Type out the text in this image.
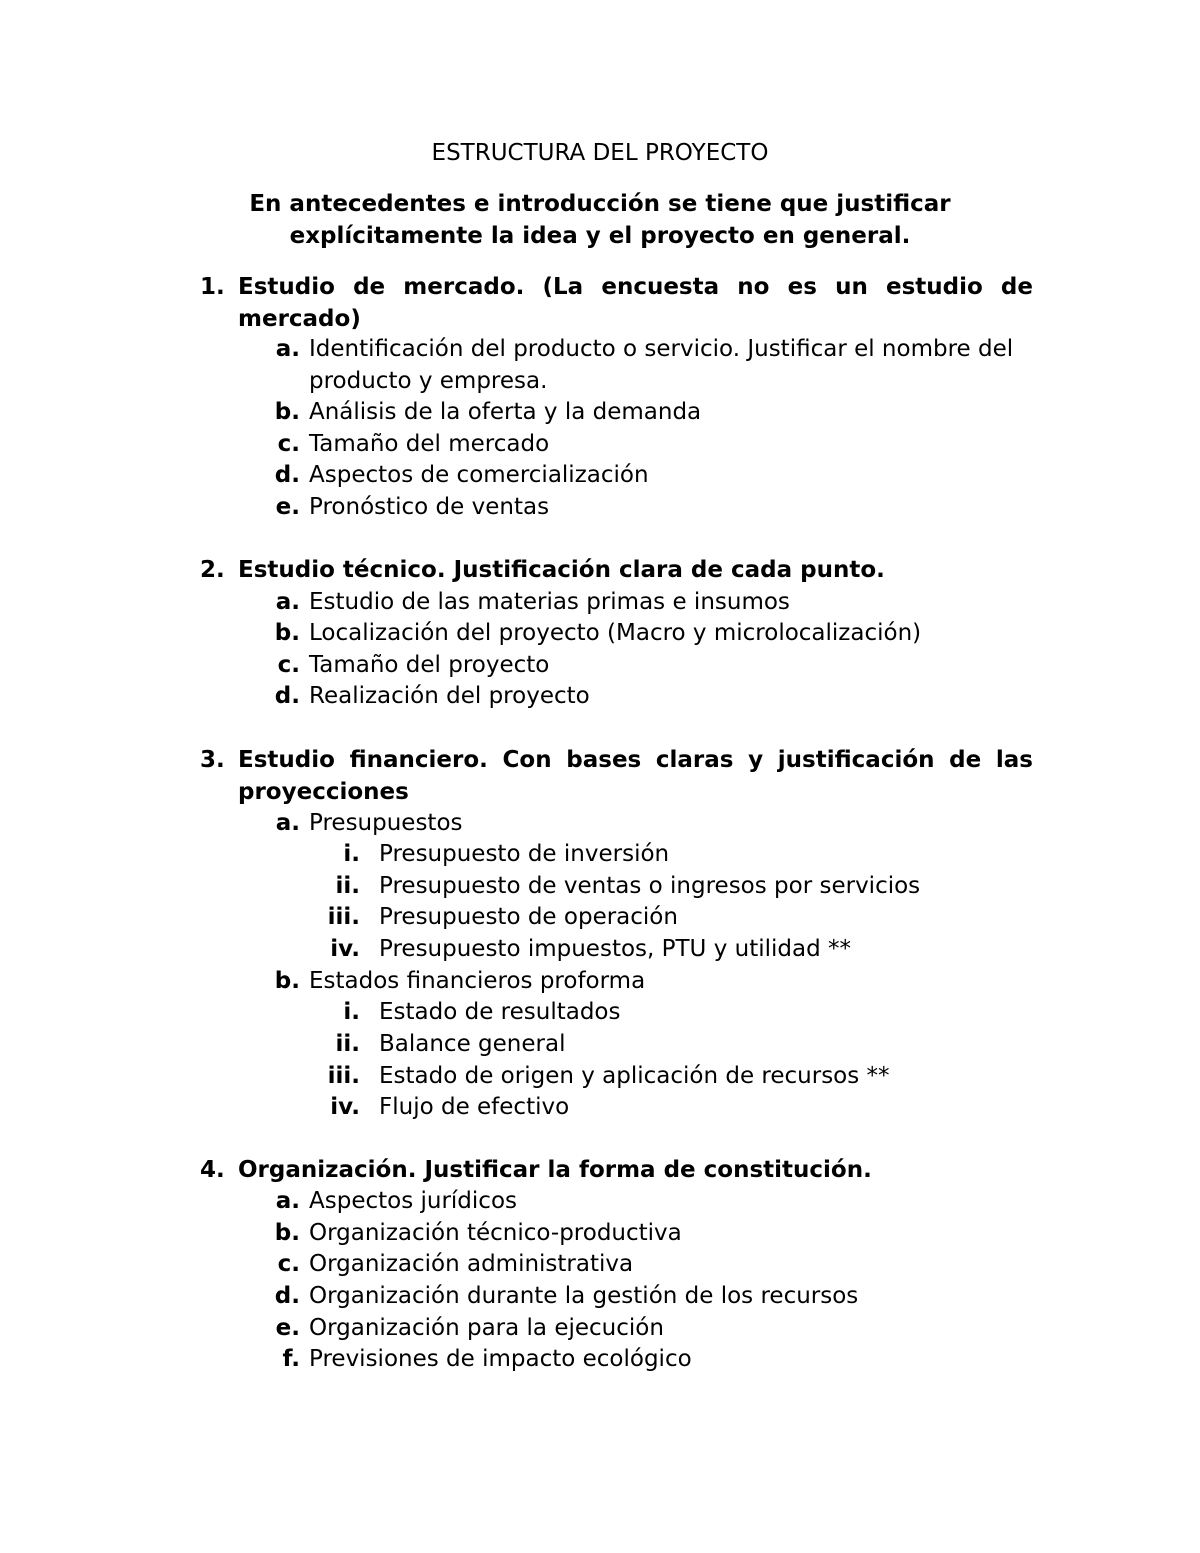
ESTRUCTURA DEL PROYECTO
En antecedentes e introducción se tiene que justificar
explícitamente la idea y el proyecto en general.
1. Estudio de mercado. (La encuesta no es un estudio de
mercado)
a. Identificación del producto o servicio. Justificar el nombre del
producto y empresa.
b. Análisis de la oferta y la demanda
c. Tamaño del mercado
d. Aspectos de comercialización
e. Pronóstico de ventas
2. Estudio técnico. Justificación clara de cada punto.
a. Estudio de las materias primas e insumos
b. Localización del proyecto (Macro y microlocalización)
c. Tamaño del proyecto
d. Realización del proyecto
3. Estudio financiero. Con bases claras y justificación de las
proyecciones
a. Presupuestos
i. Presupuesto de inversión
ii. Presupuesto de ventas o ingresos por servicios
iii. Presupuesto de operación
iv. Presupuesto impuestos, PTU y utilidad **
b. Estados financieros proforma
i. Estado de resultados
ii. Balance general
iii. Estado de origen y aplicación de recursos **
iv. Flujo de efectivo
4. Organización. Justificar la forma de constitución.
a. Aspectos jurídicos
b. Organización técnico-productiva
c. Organización administrativa
d. Organización durante la gestión de los recursos
e. Organización para la ejecución
f. Previsiones de impacto ecológico
